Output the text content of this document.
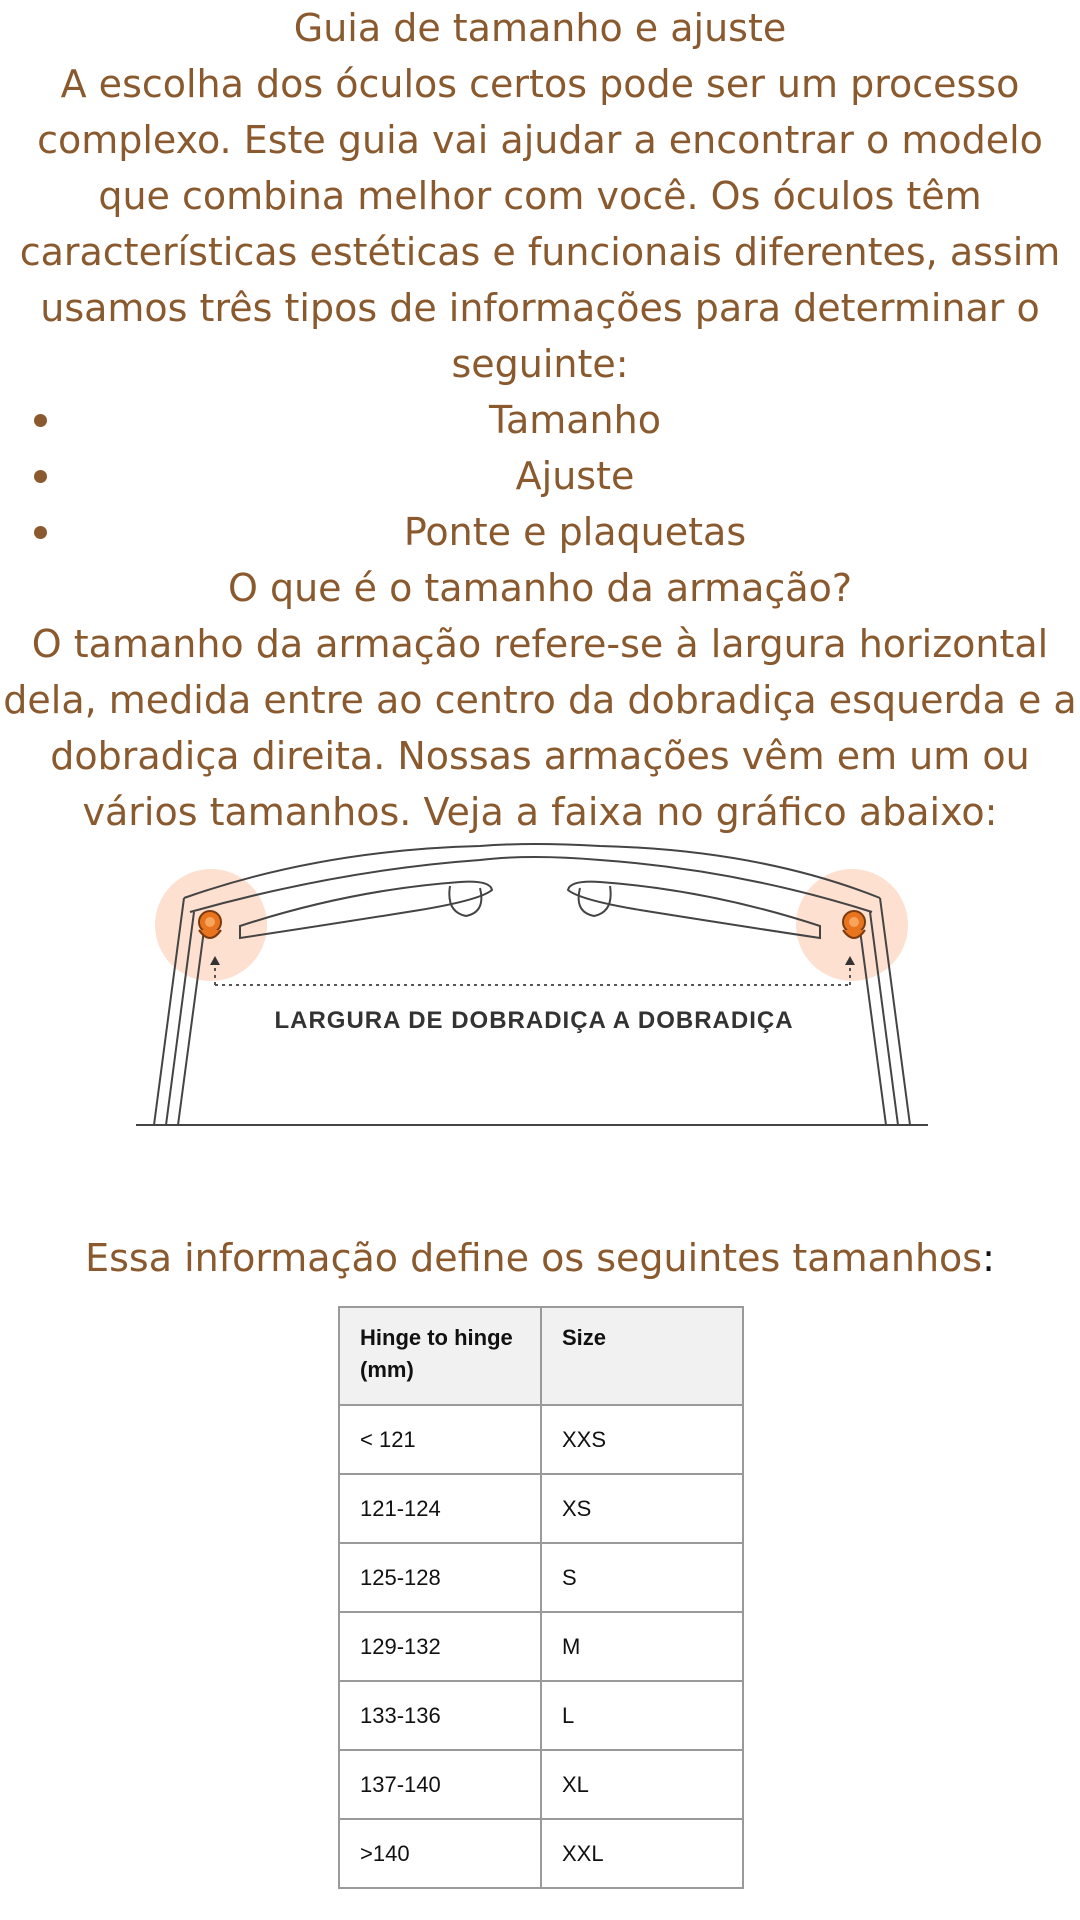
Guia de tamanho e ajuste

A escolha dos óculos certos pode ser um processo complexo. Este guia vai ajudar a encontrar o modelo que combina melhor com você. Os óculos têm características estéticas e funcionais diferentes, assim usamos três tipos de informações para determinar o seguinte:

Tamanho
Ajuste
Ponte e plaquetas

O que é o tamanho da armação?

O tamanho da armação refere-se à largura horizontal dela, medida entre ao centro da dobradiça esquerda e a dobradiça direita. Nossas armações vêm em um ou vários tamanhos. Veja a faixa no gráfico abaixo:

LARGURA DE DOBRADIÇA A DOBRADIÇA
Essa informação define os seguintes tamanhos:
Hinge to hinge (mm)	Size
< 121	XXS
121-124	XS
125-128	S
129-132	M
133-136	L
137-140	XL
>140	XXL
